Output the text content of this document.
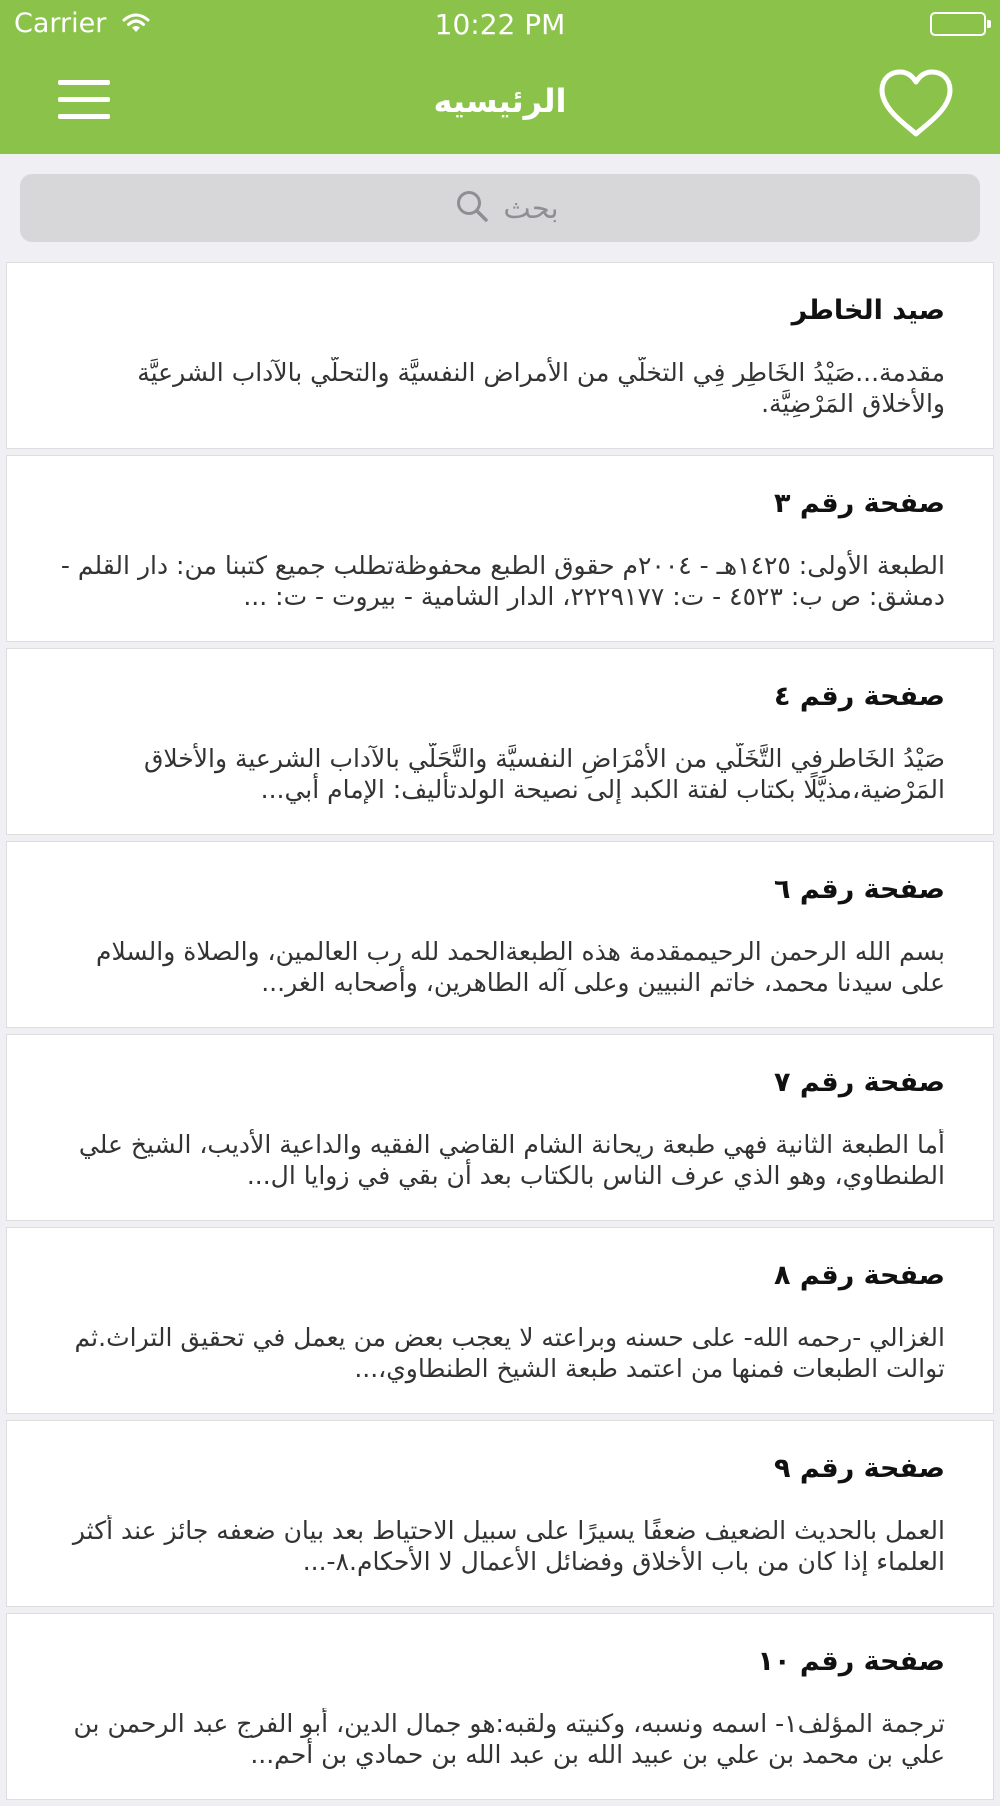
Carrier	10:22 PM
الرئيسيه
بحث
صيد الخاطر
مقدمة...صَيْدُ الخَاطِر فِي التخلّي من الأمراض النفسيَّة والتحلّي بالآداب الشرعيَّة والأخلاقِ المَرْضِيَّة.
صفحة رقم ٣
الطبعة الأولى: ١٤٢٥هـ - ٢٠٠٤م حقوق الطبع محفوظةتطلب جميع كتبنا من: دار القلم - دمشق: ص ب: ٤٥٢٣ - ت: ٢٢٢٩١٧٧، الدار الشامية - بيروت - ت: ...
صفحة رقم ٤
صَيْدُ الخَاطرفي التَّخَلّي من الأمْرَاضِ النفسيَّة والتَّحَلّي بالآداب الشرعية والأخلاق المَرْضية،مذيَّلًا بكتاب لفتة الكبد إلى نصيحة الولدتأليف: الإمام أبي...
صفحة رقم ٦
بسم الله الرحمن الرحيممقدمة هذه الطبعةالحمد لله رب العالمين، والصلاة والسلام على سيدنا محمد، خاتم النبيين وعلى آله الطاهرين، وأصحابه الغر...
صفحة رقم ٧
أما الطبعة الثانية فهي طبعة ريحانة الشام القاضي الفقيه والداعية الأديب، الشيخ علي الطنطاوي، وهو الذي عرف الناس بالكتاب بعد أن بقي في زوايا ال...
صفحة رقم ٨
الغزالي -رحمه الله- على حسنه وبراعته لا يعجب بعض من يعمل في تحقيق التراث.ثم توالت الطبعات فمنها من اعتمد طبعة الشيخ الطنطاوي،...
صفحة رقم ٩
العمل بالحديث الضعيف ضعفًا يسيرًا على سبيل الاحتياط بعد بيان ضعفه جائز عند أكثر العلماء إذا كان من باب الأخلاق وفضائل الأعمال لا الأحكام.٨-...
صفحة رقم ١٠
ترجمة المؤلف١- اسمه ونسبه، وكنيته ولقبه:هو جمال الدين، أبو الفرج عبد الرحمن بن علي بن محمد بن علي بن عبيد الله بن عبد الله بن حمادي بن أحم...
